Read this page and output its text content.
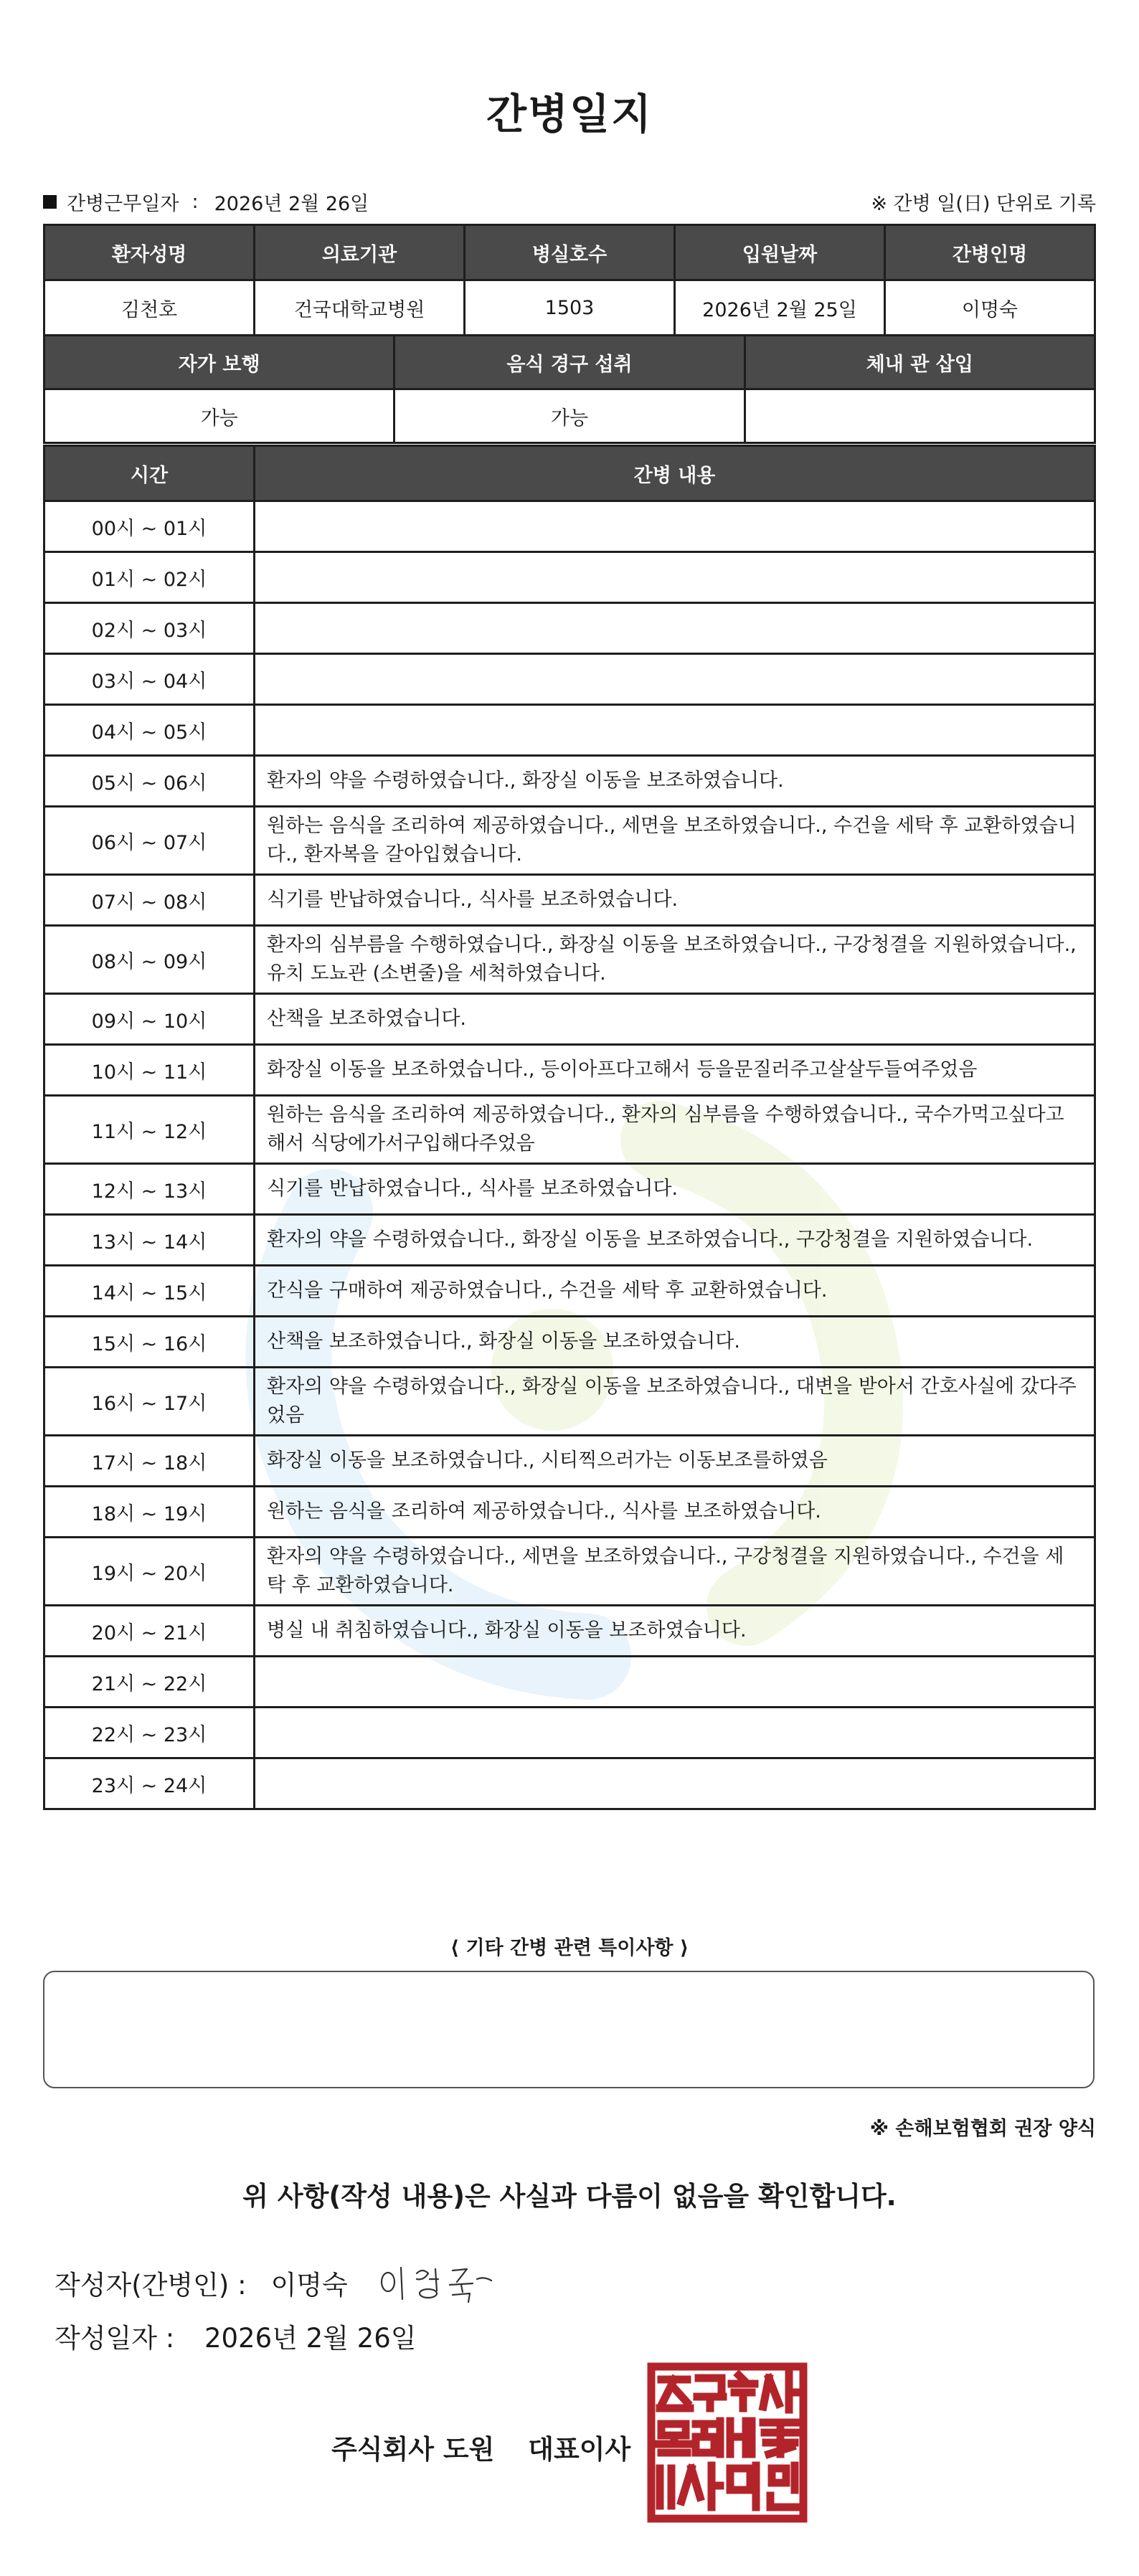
간병일지
간병근무일자 : 2026년 2월 26일	※ 간병 일(日) 단위로 기록
환자성명	의료기관	병실호수	입원날짜	간병인명
김천호	건국대학교병원	1503	2026년 2월 25일	이명숙
자가 보행	음식 경구 섭취	체내 관 삽입
가능	가능	
시간	간병 내용
00시 ~ 01시	
01시 ~ 02시	
02시 ~ 03시	
03시 ~ 04시	
04시 ~ 05시	
05시 ~ 06시	환자의 약을 수령하였습니다., 화장실 이동을 보조하였습니다.
06시 ~ 07시	원하는 음식을 조리하여 제공하였습니다., 세면을 보조하였습니다., 수건을 세탁 후 교환하였습니다., 환자복을 갈아입혔습니다.
07시 ~ 08시	식기를 반납하였습니다., 식사를 보조하였습니다.
08시 ~ 09시	환자의 심부름을 수행하였습니다., 화장실 이동을 보조하였습니다., 구강청결을 지원하였습니다., 유치 도뇨관 (소변줄)을 세척하였습니다.
09시 ~ 10시	산책을 보조하였습니다.
10시 ~ 11시	화장실 이동을 보조하였습니다., 등이아프다고해서 등을문질러주고살살두들여주었음
11시 ~ 12시	원하는 음식을 조리하여 제공하였습니다., 환자의 심부름을 수행하였습니다., 국수가먹고싶다고해서 식당에가서구입해다주었음
12시 ~ 13시	식기를 반납하였습니다., 식사를 보조하였습니다.
13시 ~ 14시	환자의 약을 수령하였습니다., 화장실 이동을 보조하였습니다., 구강청결을 지원하였습니다.
14시 ~ 15시	간식을 구매하여 제공하였습니다., 수건을 세탁 후 교환하였습니다.
15시 ~ 16시	산책을 보조하였습니다., 화장실 이동을 보조하였습니다.
16시 ~ 17시	환자의 약을 수령하였습니다., 화장실 이동을 보조하였습니다., 대변을 받아서 간호사실에 갔다주었음
17시 ~ 18시	화장실 이동을 보조하였습니다., 시티찍으러가는 이동보조를하였음
18시 ~ 19시	원하는 음식을 조리하여 제공하였습니다., 식사를 보조하였습니다.
19시 ~ 20시	환자의 약을 수령하였습니다., 세면을 보조하였습니다., 구강청결을 지원하였습니다., 수건을 세탁 후 교환하였습니다.
20시 ~ 21시	병실 내 취침하였습니다., 화장실 이동을 보조하였습니다.
21시 ~ 22시	
22시 ~ 23시	
23시 ~ 24시	
⟨ 기타 간병 관련 특이사항 ⟩
※ 손해보험협회 권장 양식
위 사항(작성 내용)은 사실과 다름이 없음을 확인합니다.
작성자(간병인) : 이명숙
작성일자 : 2026년 2월 26일
주식회사 도원 대표이사
